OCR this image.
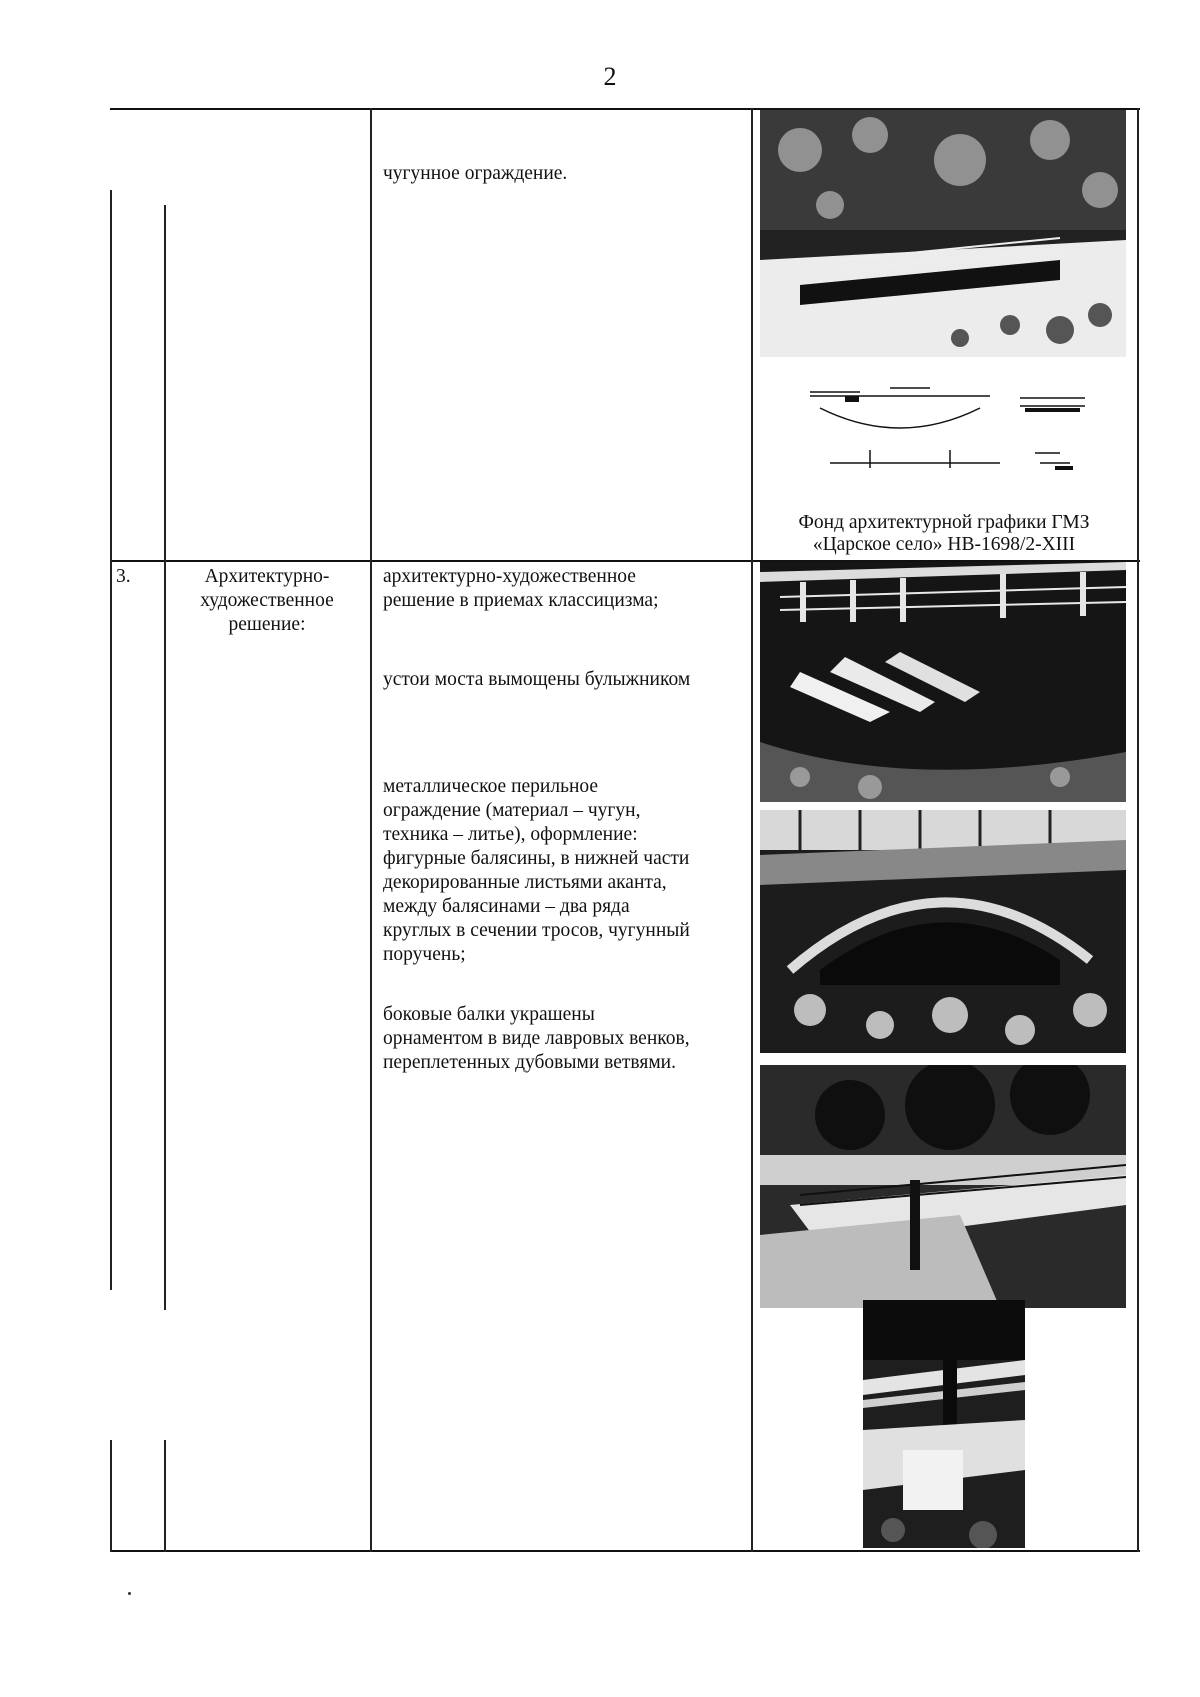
2
чугунное ограждение.
Фонд архитектурной графики ГМЗ
«Царское село» НВ-1698/2-XIII
3.	Архитектурно-
художественное
решение:
архитектурно-художественное
решение в приемах классицизма;
устои моста вымощены булыжником
металлическое перильное
ограждение (материал – чугун,
техника – литье), оформление:
фигурные балясины, в нижней части
декорированные листьями аканта,
между балясинами – два ряда
круглых в сечении тросов, чугунный
поручень;
боковые балки украшены
орнаментом в виде лавровых венков,
переплетенных дубовыми ветвями.
